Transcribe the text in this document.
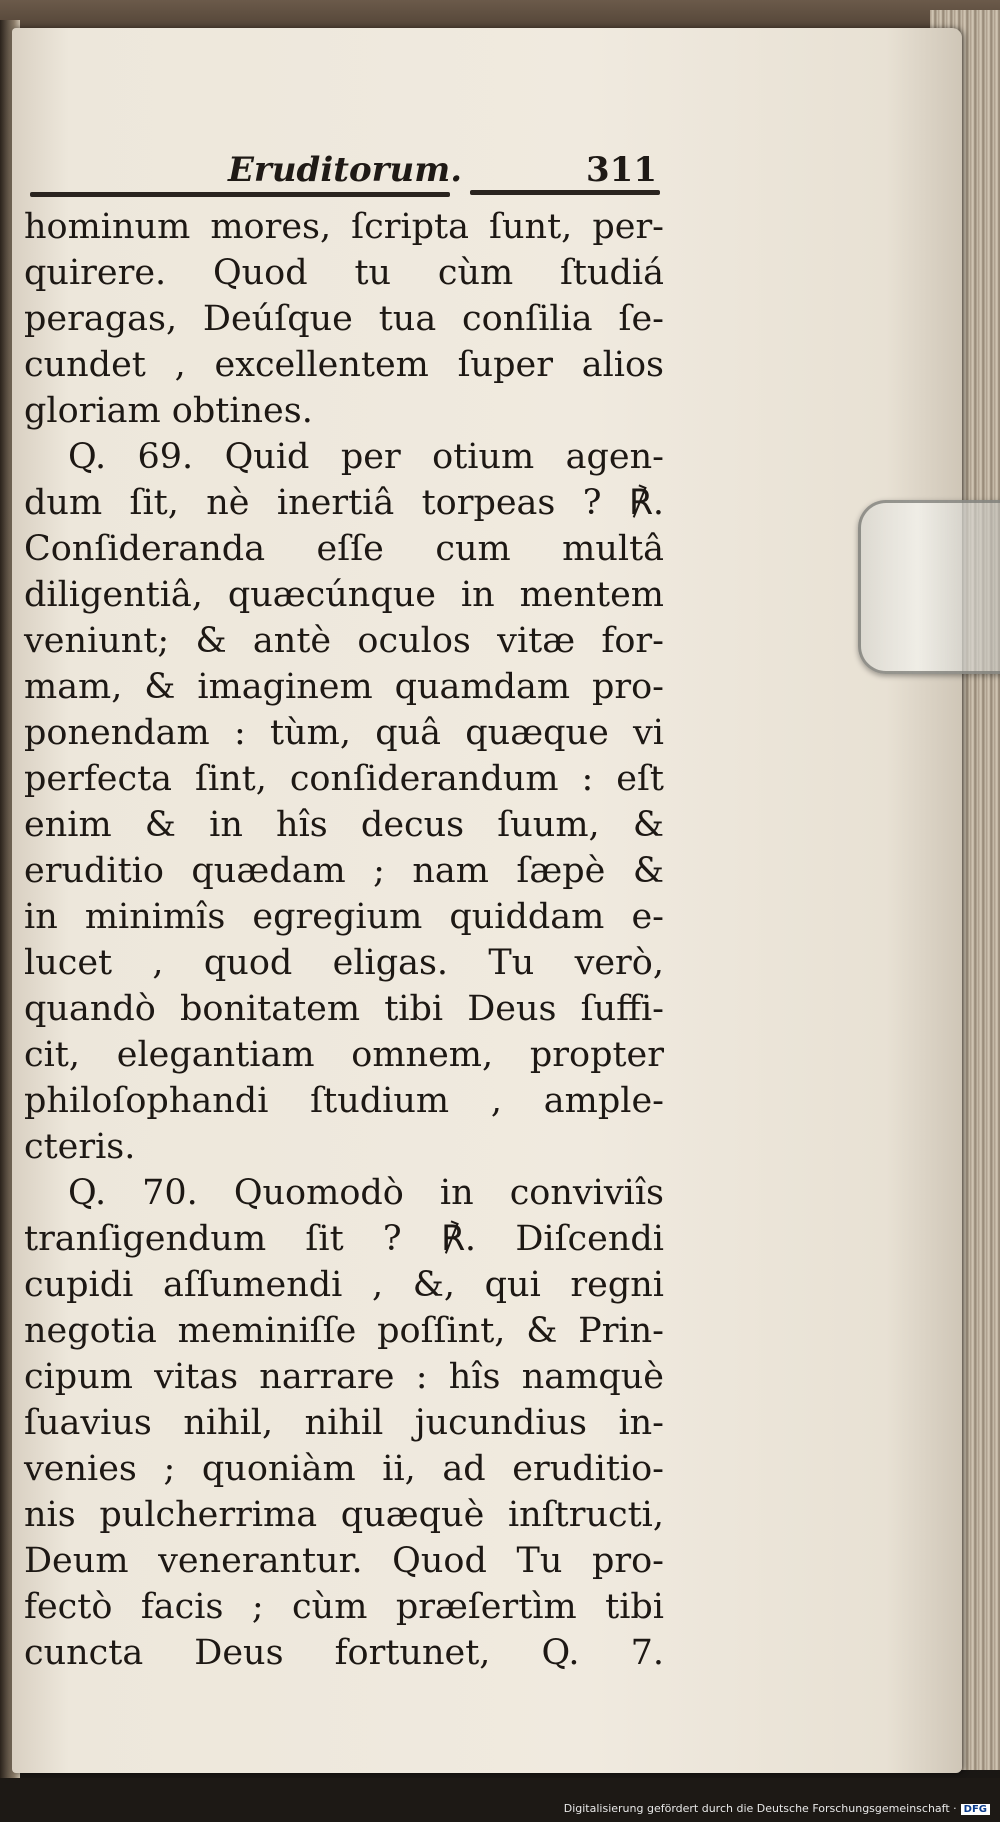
Eruditorum.	311
hominum mores, ſcripta ſunt, per-
quirere. Quod tu cùm ſtudiá
peragas, Deúſque tua conſilia ſe-
cundet , excellentem ſuper alios
gloriam obtines.
Q. 69. Quid per otium agen-
dum ſit, nè inertiâ torpeas ? ℟.
Conſideranda eſſe cum multâ
diligentiâ, quæcúnque in mentem
veniunt; & antè oculos vitæ for-
mam, & imaginem quamdam pro-
ponendam : tùm, quâ quæque vi
perfecta ſint, conſiderandum : eſt
enim & in hîs decus ſuum, &
eruditio quædam ; nam ſæpè &
in minimîs egregium quiddam e-
lucet , quod eligas. Tu verò,
quandò bonitatem tibi Deus ſuffi-
cit, elegantiam omnem, propter
philoſophandi ſtudium , ample-
cteris.
Q. 70. Quomodò in conviviîs
tranſigendum ſit ? ℟. Diſcendi
cupidi aſſumendi , &, qui regni
negotia meminiſſe poſſint, & Prin-
cipum vitas narrare : hîs namquè
ſuavius nihil, nihil jucundius in-
venies ; quoniàm ii, ad eruditio-
nis pulcherrima quæquè inſtructi,
Deum venerantur. Quod Tu pro-
fectò facis ; cùm præſertìm tibi
cuncta Deus fortunet, Q. 7.
Digitalisierung gefördert durch die Deutsche Forschungsgemeinschaft · DFG
